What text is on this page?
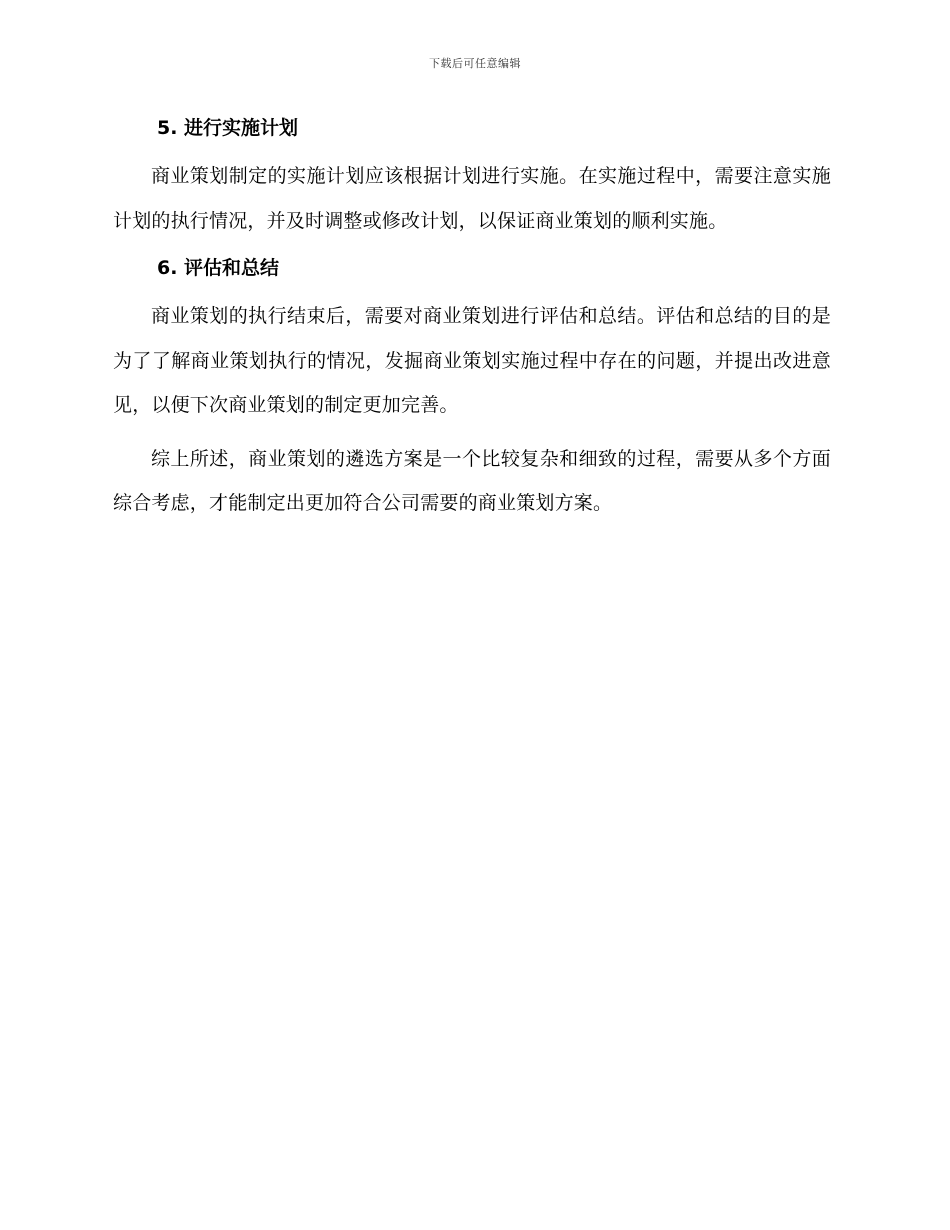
下载后可任意编辑
5. 进行实施计划

商业策划制定的实施计划应该根据计划进行实施。在实施过程中，需要注意实施计划的执行情况，并及时调整或修改计划，以保证商业策划的顺利实施。

6. 评估和总结

商业策划的执行结束后，需要对商业策划进行评估和总结。评估和总结的目的是为了了解商业策划执行的情况，发掘商业策划实施过程中存在的问题，并提出改进意见，以便下次商业策划的制定更加完善。

综上所述，商业策划的遴选方案是一个比较复杂和细致的过程，需要从多个方面综合考虑，才能制定出更加符合公司需要的商业策划方案。
